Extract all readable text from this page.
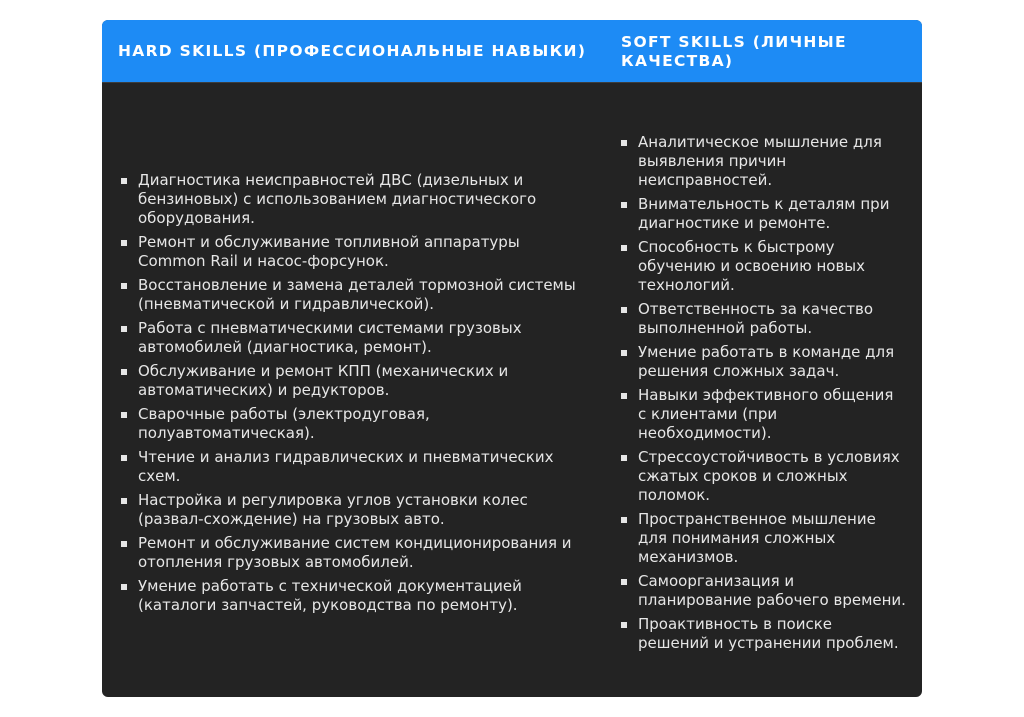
HARD SKILLS (ПРОФЕССИОНАЛЬНЫЕ НАВЫКИ)	SOFT SKILLS (ЛИЧНЫЕ КАЧЕСТВА)
Диагностика неисправностей ДВС (дизельных и бензиновых) с использованием диагностического оборудования.
Ремонт и обслуживание топливной аппаратуры Common Rail и насос-форсунок.
Восстановление и замена деталей тормозной системы (пневматической и гидравлической).
Работа с пневматическими системами грузовых автомобилей (диагностика, ремонт).
Обслуживание и ремонт КПП (механических и автоматических) и редукторов.
Сварочные работы (электродуговая, полуавтоматическая).
Чтение и анализ гидравлических и пневматических схем.
Настройка и регулировка углов установки колес (развал-схождение) на грузовых авто.
Ремонт и обслуживание систем кондиционирования и отопления грузовых автомобилей.
Умение работать с технической документацией (каталоги запчастей, руководства по ремонту).
Аналитическое мышление для выявления причин неисправностей.
Внимательность к деталям при диагностике и ремонте.
Способность к быстрому обучению и освоению новых технологий.
Ответственность за качество выполненной работы.
Умение работать в команде для решения сложных задач.
Навыки эффективного общения с клиентами (при необходимости).
Стрессоустойчивость в условиях сжатых сроков и сложных поломок.
Пространственное мышление для понимания сложных механизмов.
Самоорганизация и планирование рабочего времени.
Проактивность в поиске решений и устранении проблем.
